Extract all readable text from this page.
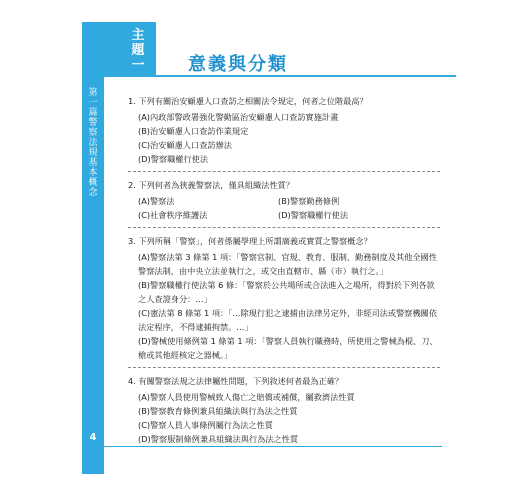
主題一
第一篇 警察法規基本概念
4
意義與分類
1. 下列有關治安顧慮人口查訪之相關法令規定，何者之位階最高？
(A)內政部警政署強化警勤區治安顧慮人口查訪實施計畫
(B)治安顧慮人口查訪作業規定
(C)治安顧慮人口查訪辦法
(D)警察職權行使法
2. 下列何者為狹義警察法，僅具組織法性質？
(A)警察法	(B)警察勤務條例
(C)社會秩序維護法	(D)警察職權行使法
3. 下列所稱「警察」，何者係屬學理上所謂廣義或實質之警察概念？
(A)警察法第 3 條第 1 項：「警察官制、官規、教育、服制、勤務制度及其他全國性警察法制，由中央立法並執行之，或交由直轄市、縣（市）執行之。」
(B)警察職權行使法第 6 條：「警察於公共場所或合法進入之場所，得對於下列各款之人查證身分：…」
(C)憲法第 8 條第 1 項：「…除現行犯之逮捕由法律另定外，非經司法或警察機關依法定程序，不得逮捕拘禁。…」
(D)警械使用條例第 1 條第 1 項：「警察人員執行職務時，所使用之警械為棍、刀、槍或其他經核定之器械。」
4. 有關警察法規之法律屬性問題，下列敘述何者最為正確？
(A)警察人員使用警械致人傷亡之賠償或補償，屬救濟法性質
(B)警察教育條例兼具組織法與行為法之性質
(C)警察人員人事條例屬行為法之性質
(D)警察服制條例兼具組織法與行為法之性質
